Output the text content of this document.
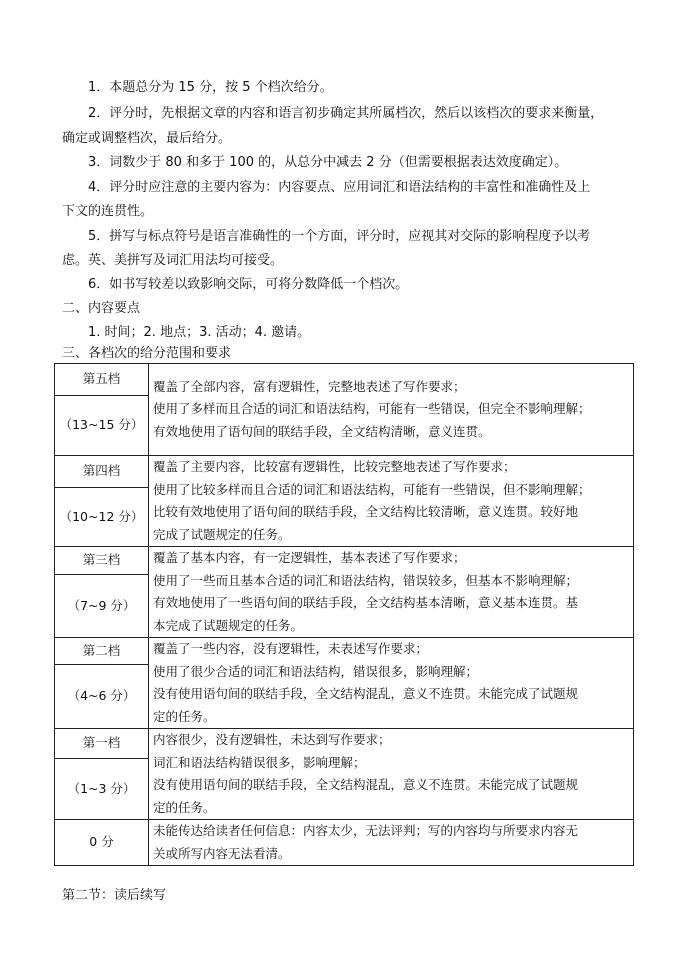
1．本题总分为 15 分，按 5 个档次给分。
2．评分时，先根据文章的内容和语言初步确定其所属档次，然后以该档次的要求来衡量，
确定或调整档次，最后给分。
3．词数少于 80 和多于 100 的，从总分中减去 2 分（但需要根据表达效度确定）。
4．评分时应注意的主要内容为：内容要点、应用词汇和语法结构的丰富性和准确性及上
下文的连贯性。
5．拼写与标点符号是语言准确性的一个方面，评分时，应视其对交际的影响程度予以考
虑。英、美拼写及词汇用法均可接受。
6．如书写较差以致影响交际，可将分数降低一个档次。
二、内容要点
1. 时间；2. 地点；3. 活动；4. 邀请。
三、各档次的给分范围和要求
第五档	覆盖了全部内容，富有逻辑性，完整地表述了写作要求；
使用了多样而且合适的词汇和语法结构，可能有一些错误，但完全不影响理解；
有效地使用了语句间的联结手段，全文结构清晰，意义连贯。

（13~15 分）	
第四档	覆盖了主要内容，比较富有逻辑性，比较完整地表述了写作要求；
使用了比较多样而且合适的词汇和语法结构，可能有一些错误，但不影响理解；
比较有效地使用了语句间的联结手段，全文结构比较清晰，意义连贯。较好地
完成了试题规定的任务。

（10~12 分）	
第三档	覆盖了基本内容，有一定逻辑性，基本表述了写作要求；
使用了一些而且基本合适的词汇和语法结构，错误较多，但基本不影响理解；
有效地使用了一些语句间的联结手段，全文结构基本清晰，意义基本连贯。基
本完成了试题规定的任务。

（7~9 分）	
第二档	覆盖了一些内容，没有逻辑性，未表述写作要求；
使用了很少合适的词汇和语法结构，错误很多，影响理解；
没有使用语句间的联结手段，全文结构混乱，意义不连贯。未能完成了试题规
定的任务。

（4~6 分）	
第一档	内容很少，没有逻辑性，未达到写作要求；
词汇和语法结构错误很多，影响理解；
没有使用语句间的联结手段，全文结构混乱，意义不连贯。未能完成了试题规
定的任务。

（1~3 分）	
0 分	未能传达给读者任何信息：内容太少，无法评判；写的内容均与所要求内容无
关或所写内容无法看清。
第二节：读后续写
